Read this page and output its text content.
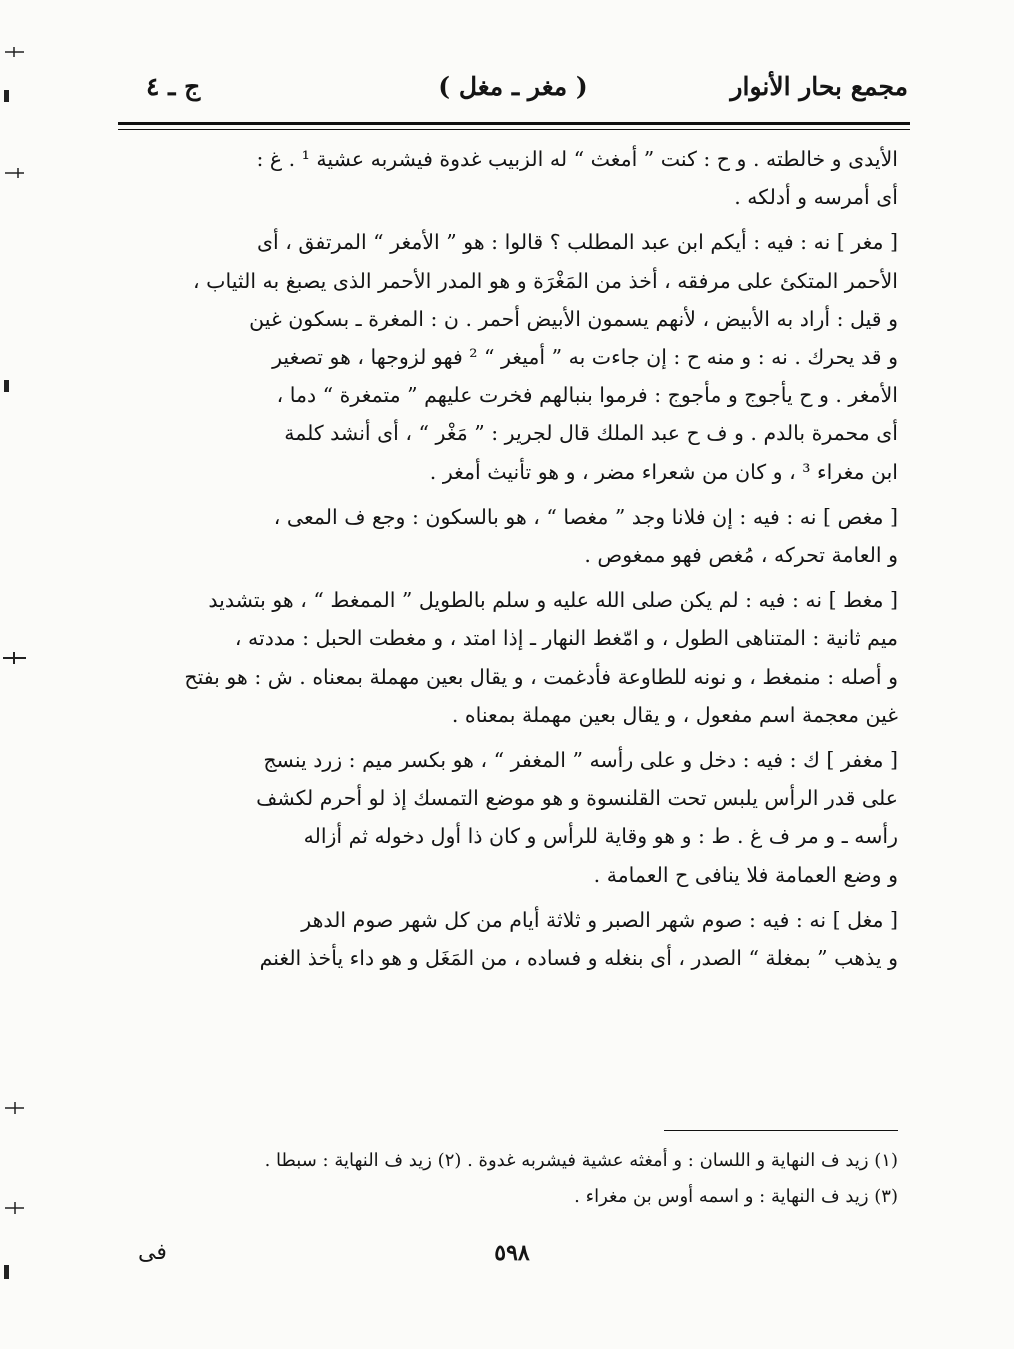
مجمع بحار الأنوار
( مغر ـ مغل )
ج ـ ٤

الأيدى و خالطته . و ح : كنت ” أمغث “ له الزبيب غدوة فيشربه عشية ¹ . غ :
أى أمرسه و أدلكه .

[ مغر ] نه : فيه : أيكم ابن عبد المطلب ؟ قالوا : هو ” الأمغر “ المرتفق ، أى
الأحمر المتكئ على مرفقه ، أخذ من المَغْرَة و هو المدر الأحمر الذى يصبغ به الثياب ،
و قيل : أراد به الأبيض ، لأنهم يسمون الأبيض أحمر . ن : المغرة ـ بسكون غين
و قد يحرك . نه : و منه ح : إن جاءت به ” أميغر “ ² فهو لزوجها ، هو تصغير
الأمغر . و ح يأجوج و مأجوج : فرموا بنبالهم فخرت عليهم ” متمغرة “ دما ،
أى محمرة بالدم . و ف ح عبد الملك قال لجرير : ” مَغْر “ ، أى أنشد كلمة
ابن مغراء ³ ، و كان من شعراء مضر ، و هو تأنيث أمغر .

[ مغص ] نه : فيه : إن فلانا وجد ” مغصا “ ، هو بالسكون : وجع ف المعى ،
و العامة تحركه ، مُغص فهو ممغوص .

[ مغط ] نه : فيه : لم يكن صلى الله عليه و سلم بالطويل ” الممغط “ ، هو بتشديد
ميم ثانية : المتناهى الطول ، و امّغط النهار ـ إذا امتد ، و مغطت الحبل : مددته ،
و أصله : منمغط ، و نونه للطاوعة فأدغمت ، و يقال بعين مهملة بمعناه . ش : هو بفتح
غين معجمة اسم مفعول ، و يقال بعين مهملة بمعناه .

[ مغفر ] ك : فيه : دخل و على رأسه ” المغفر “ ، هو بكسر ميم : زرد ينسج
على قدر الرأس يلبس تحت القلنسوة و هو موضع التمسك إذ لو أحرم لكشف
رأسه ـ و مر ف غ . ط : و هو وقاية للرأس و كان ذا أول دخوله ثم أزاله
و وضع العمامة فلا ينافى ح العمامة .

[ مغل ] نه : فيه : صوم شهر الصبر و ثلاثة أيام من كل شهر صوم الدهر
و يذهب ” بمغلة “ الصدر ، أى بنغله و فساده ، من المَغَل و هو داء يأخذ الغنم

(١) زيد ف النهاية و اللسان : و أمغثه عشية فيشربه غدوة . (٢) زيد ف النهاية : سبطا .
(٣) زيد ف النهاية : و اسمه أوس بن مغراء .
٥٩٨
فى
